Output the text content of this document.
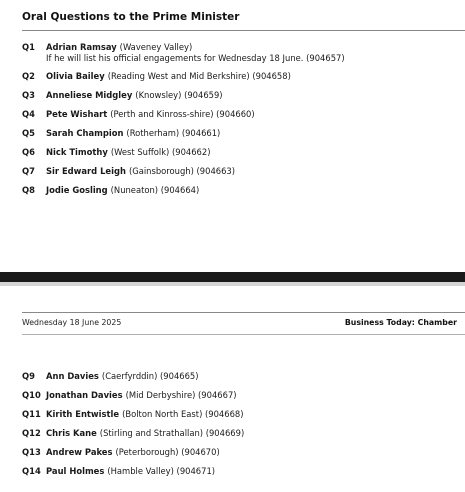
Oral Questions to the Prime Minister
Q1	Adrian Ramsay (Waveney Valley)
If he will list his official engagements for Wednesday 18 June. (904657)
Q2	Olivia Bailey (Reading West and Mid Berkshire) (904658)
Q3	Anneliese Midgley (Knowsley) (904659)
Q4	Pete Wishart (Perth and Kinross-shire) (904660)
Q5	Sarah Champion (Rotherham) (904661)
Q6	Nick Timothy (West Suffolk) (904662)
Q7	Sir Edward Leigh (Gainsborough) (904663)
Q8	Jodie Gosling (Nuneaton) (904664)
Wednesday 18 June 2025	Business Today: Chamber
Q9	Ann Davies (Caerfyrddin) (904665)
Q10 Jonathan Davies (Mid Derbyshire) (904667)
Q11 Kirith Entwistle (Bolton North East) (904668)
Q12 Chris Kane (Stirling and Strathallan) (904669)
Q13 Andrew Pakes (Peterborough) (904670)
Q14 Paul Holmes (Hamble Valley) (904671)
